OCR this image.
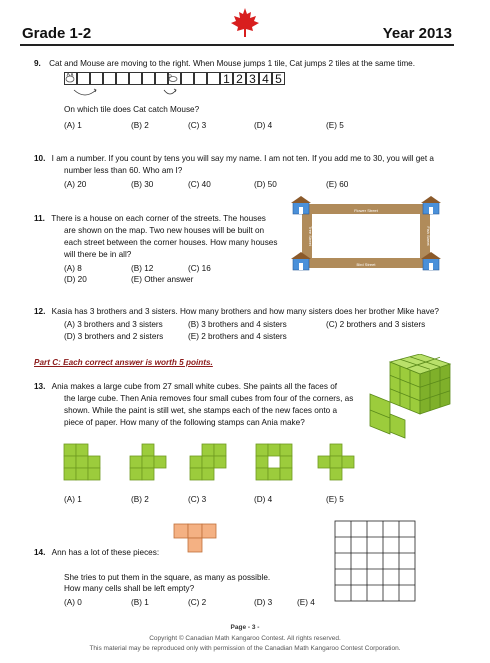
Grade 1-2	Year 2013
9. Cat and Mouse are moving to the right. When Mouse jumps 1 tile, Cat jumps 2 tiles at the same time.
1 2 3 4 5
On which tile does Cat catch Mouse?
(A) 1	(B) 2	(C) 3	(D) 4	(E) 5
10. I am a number. If you count by tens you will say my name. I am not ten. If you add me to 30, you will get a
number less than 60. Who am I?
(A) 20	(B) 30	(C) 40	(D) 50	(E) 60
11. There is a house on each corner of the streets. The houses
are shown on the map. Two new houses will be built on
each street between the corner houses. How many houses
will there be in all?
(A) 8	(B) 12	(C) 16
(D) 20	(E) Other answer
Flower Street
Bird Street
Tree Street	Fish Street
12. Kasia has 3 brothers and 3 sisters. How many brothers and how many sisters does her brother Mike have?
(A) 3 brothers and 3 sisters	(B) 3 brothers and 4 sisters	(C) 2 brothers and 3 sisters
(D) 3 brothers and 2 sisters	(E) 2 brothers and 4 sisters
Part C: Each correct answer is worth 5 points.
13. Ania makes a large cube from 27 small white cubes. She paints all the faces of
the large cube. Then Ania removes four small cubes from four of the corners, as
shown. While the paint is still wet, she stamps each of the new faces onto a
piece of paper. How many of the following stamps can Ania make?
(A) 1	(B) 2	(C) 3	(D) 4	(E) 5
14. Ann has a lot of these pieces:
She tries to put them in the square, as many as possible.
How many cells shall be left empty?
(A) 0	(B) 1	(C) 2	(D) 3	(E) 4
Page - 3 -
Copyright © Canadian Math Kangaroo Contest. All rights reserved.
This material may be reproduced only with permission of the Canadian Math Kangaroo Contest Corporation.
